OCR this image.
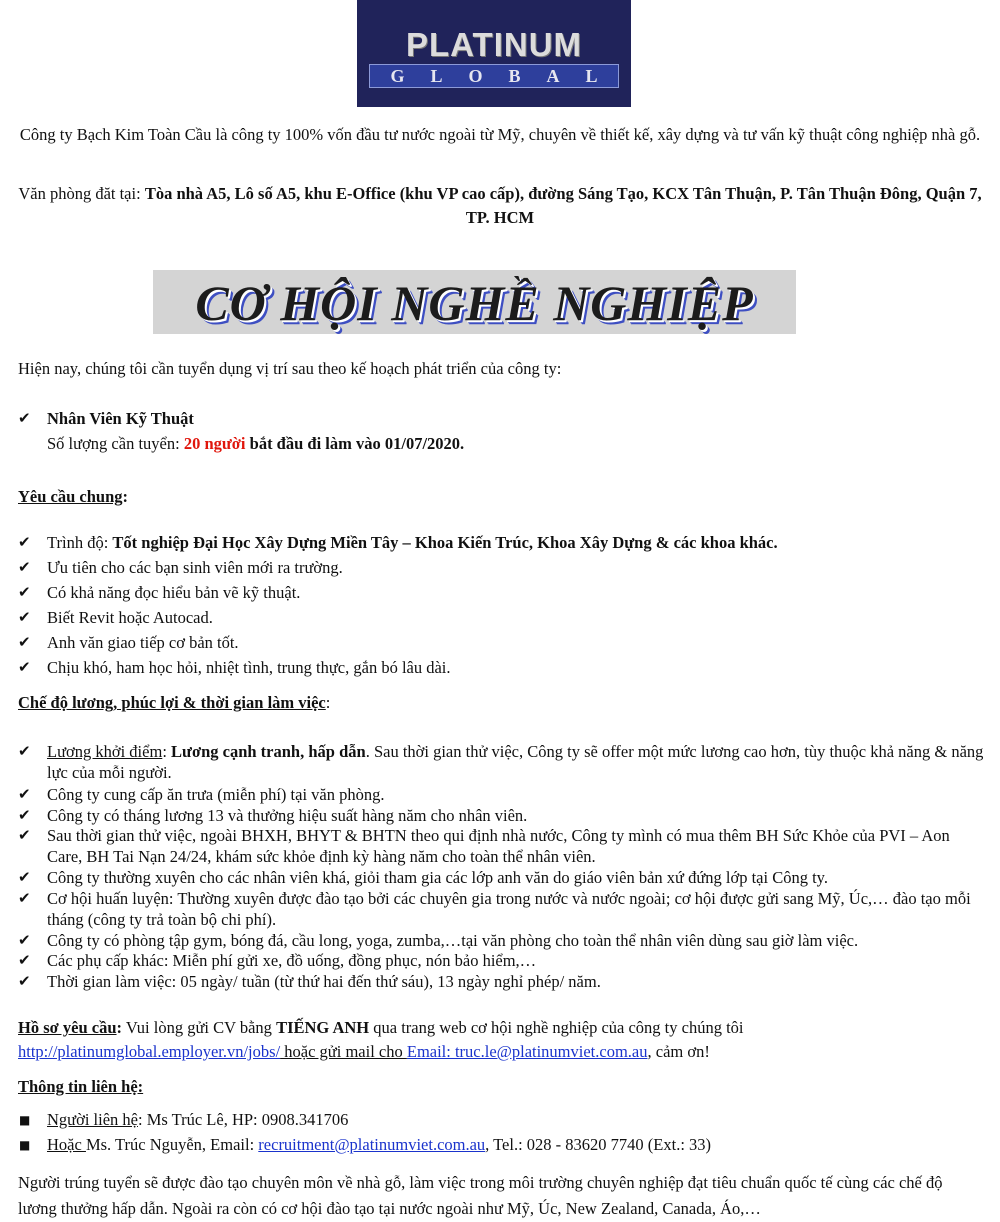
PLATINUM
GLOBAL
Công ty Bạch Kim Toàn Cầu là công ty 100% vốn đầu tư nước ngoài từ Mỹ, chuyên về thiết kế, xây dựng và tư vấn kỹ thuật công nghiệp nhà gỗ.
Văn phòng đăt tại: Tòa nhà A5, Lô số A5, khu E-Office (khu VP cao cấp), đường Sáng Tạo, KCX Tân Thuận, P. Tân Thuận Đông, Quận 7, TP. HCM
CƠ HỘI NGHỀ NGHIỆP
Hiện nay, chúng tôi cần tuyển dụng vị trí sau theo kế hoạch phát triển của công ty:
✔ Nhân Viên Kỹ Thuật
Số lượng cần tuyển: 20 người bắt đầu đi làm vào 01/07/2020.
Yêu cầu chung:
✔ Trình độ: Tốt nghiệp Đại Học Xây Dựng Miền Tây – Khoa Kiến Trúc, Khoa Xây Dựng & các khoa khác.
✔ Ưu tiên cho các bạn sinh viên mới ra trường.
✔ Có khả năng đọc hiểu bản vẽ kỹ thuật.
✔ Biết Revit hoặc Autocad.
✔ Anh văn giao tiếp cơ bản tốt.
✔ Chịu khó, ham học hỏi, nhiệt tình, trung thực, gắn bó lâu dài.
Chế độ lương, phúc lợi & thời gian làm việc:
✔ Lương khởi điểm: Lương cạnh tranh, hấp dẫn. Sau thời gian thử việc, Công ty sẽ offer một mức lương cao hơn, tùy thuộc khả năng & năng lực của mỗi người.
✔ Công ty cung cấp ăn trưa (miễn phí) tại văn phòng.
✔ Công ty có tháng lương 13 và thưởng hiệu suất hàng năm cho nhân viên.
✔ Sau thời gian thử việc, ngoài BHXH, BHYT & BHTN theo qui định nhà nước, Công ty mình có mua thêm BH Sức Khỏe của PVI – Aon Care, BH Tai Nạn 24/24, khám sức khỏe định kỳ hàng năm cho toàn thể nhân viên.
✔ Công ty thường xuyên cho các nhân viên khá, giỏi tham gia các lớp anh văn do giáo viên bản xứ đứng lớp tại Công ty.
✔ Cơ hội huấn luyện: Thường xuyên được đào tạo bởi các chuyên gia trong nước và nước ngoài; cơ hội được gửi sang Mỹ, Úc,… đào tạo mỗi tháng (công ty trả toàn bộ chi phí).
✔ Công ty có phòng tập gym, bóng đá, cầu long, yoga, zumba,…tại văn phòng cho toàn thể nhân viên dùng sau giờ làm việc.
✔ Các phụ cấp khác: Miễn phí gửi xe, đồ uống, đồng phục, nón bảo hiểm,…
✔ Thời gian làm việc: 05 ngày/ tuần (từ thứ hai đến thứ sáu), 13 ngày nghỉ phép/ năm.
Hồ sơ yêu cầu: Vui lòng gửi CV bằng TIẾNG ANH qua trang web cơ hội nghề nghiệp của công ty chúng tôi
http://platinumglobal.employer.vn/jobs/ hoặc gửi mail cho Email: truc.le@platinumviet.com.au, cảm ơn!
Thông tin liên hệ:
■ Người liên hệ: Ms Trúc Lê, HP: 0908.341706
■ Hoặc Ms. Trúc Nguyễn, Email: recruitment@platinumviet.com.au, Tel.: 028 - 83620 7740 (Ext.: 33)
Người trúng tuyển sẽ được đào tạo chuyên môn về nhà gỗ, làm việc trong môi trường chuyên nghiệp đạt tiêu chuẩn quốc tế cùng các chế độ lương thưởng hấp dẫn. Ngoài ra còn có cơ hội đào tạo tại nước ngoài như Mỹ, Úc, New Zealand, Canada, Áo,…
